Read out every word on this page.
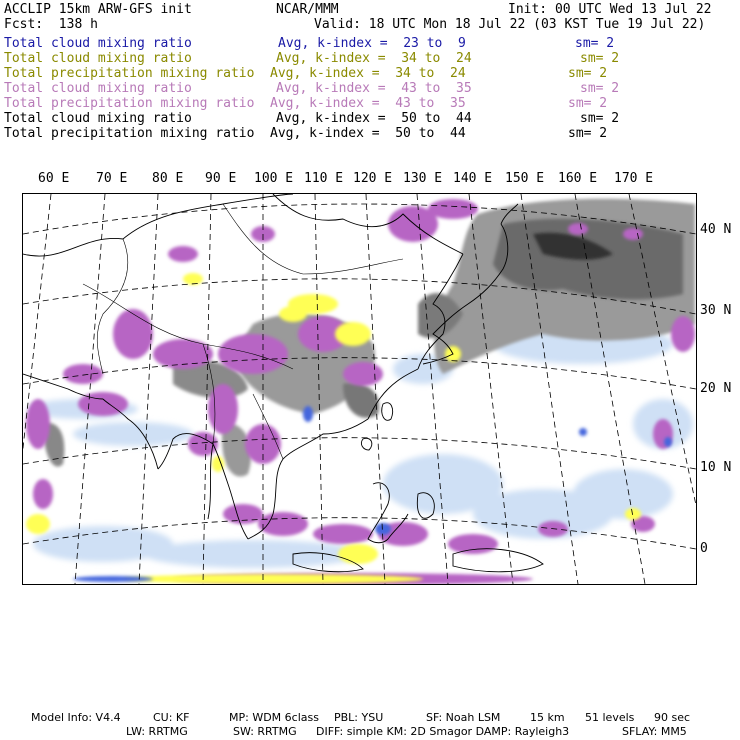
ACCLIP 15km ARW-GFS init	NCAR/MMM	Init: 00 UTC Wed 13 Jul 22
Fcst:  138 h	Valid: 18 UTC Mon 18 Jul 22 (03 KST Tue 19 Jul 22)
Total cloud mixing ratio	Avg, k-index =  23 to  9	sm= 2
Total cloud mixing ratio	Avg, k-index =  34 to  24	sm= 2
Total precipitation mixing ratio Avg, k-index =  34 to  24	sm= 2
Total cloud mixing ratio	Avg, k-index =  43 to  35	sm= 2
Total precipitation mixing ratio Avg, k-index =  43 to  35	sm= 2
Total cloud mixing ratio	Avg, k-index =  50 to  44	sm= 2
Total precipitation mixing ratio Avg, k-index =  50 to  44	sm= 2
60 E 70 E 80 E 90 E 100 E 110 E 120 E 130 E 140 E 150 E 160 E 170 E
40 N
30 N
20 N
10 N
0
Model Info: V4.4	CU: KF	MP: WDM 6class PBL: YSU	SF: Noah LSM	15 km 51 levels 90 sec
LW: RRTMG	SW: RRTMG DIFF: simple KM: 2D Smagor DAMP: Rayleigh3	SFLAY: MM5
